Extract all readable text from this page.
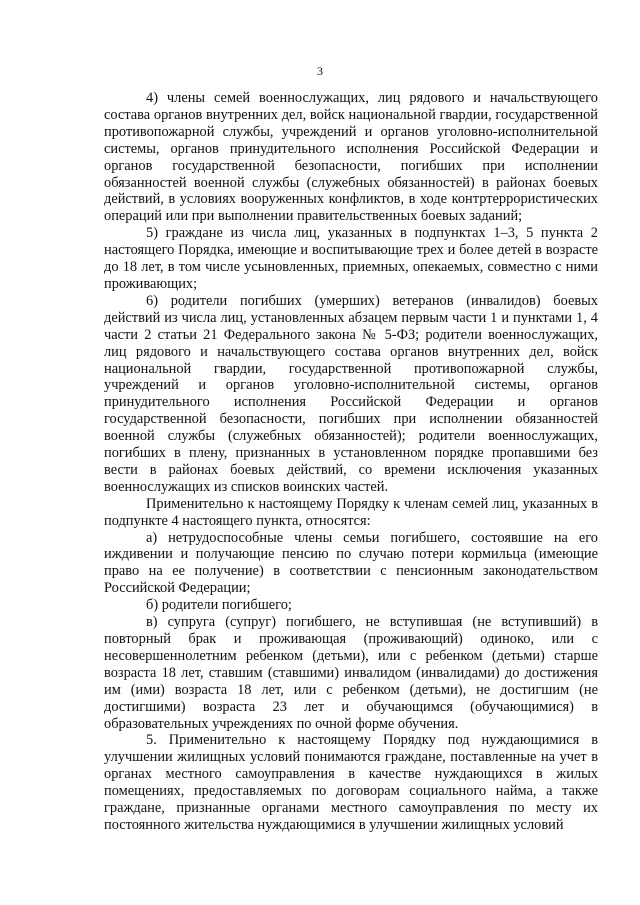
3

4) члены семей военнослужащих, лиц рядового и начальствующего состава органов внутренних дел, войск национальной гвардии, государственной противопожарной службы, учреждений и органов уголовно-исполнительной системы, органов принудительного исполнения Российской Федерации и органов государственной безопасности, погибших при исполнении обязанностей военной службы (служебных обязанностей) в районах боевых действий, в условиях вооруженных конфликтов, в ходе контртеррористических операций или при выполнении правительственных боевых заданий;

5) граждане из числа лиц, указанных в подпунктах 1–3, 5 пункта 2 настоящего Порядка, имеющие и воспитывающие трех и более детей в возрасте до 18 лет, в том числе усыновленных, приемных, опекаемых, совместно с ними проживающих;

6) родители погибших (умерших) ветеранов (инвалидов) боевых действий из числа лиц, установленных абзацем первым части 1 и пунктами 1, 4 части 2 статьи 21 Федерального закона № 5-ФЗ; родители военнослужащих, лиц рядового и начальствующего состава органов внутренних дел, войск национальной гвардии, государственной противопожарной службы, учреждений и органов уголовно-исполнительной системы, органов принудительного исполнения Российской Федерации и органов государственной безопасности, погибших при исполнении обязанностей военной службы (служебных обязанностей); родители военнослужащих, погибших в плену, признанных в установленном порядке пропавшими без вести в районах боевых действий, со времени исключения указанных военнослужащих из списков воинских частей.

Применительно к настоящему Порядку к членам семей лиц, указанных в подпункте 4 настоящего пункта, относятся:

а) нетрудоспособные члены семьи погибшего, состоявшие на его иждивении и получающие пенсию по случаю потери кормильца (имеющие право на ее получение) в соответствии с пенсионным законодательством Российской Федерации;

б) родители погибшего;

в) супруга (супруг) погибшего, не вступившая (не вступивший) в повторный брак и проживающая (проживающий) одиноко, или с несовершеннолетним ребенком (детьми), или с ребенком (детьми) старше возраста 18 лет, ставшим (ставшими) инвалидом (инвалидами) до достижения им (ими) возраста 18 лет, или с ребенком (детьми), не достигшим (не достигшими) возраста 23 лет и обучающимся (обучающимися) в образовательных учреждениях по очной форме обучения.

5. Применительно к настоящему Порядку под нуждающимися в улучшении жилищных условий понимаются граждане, поставленные на учет в органах местного самоуправления в качестве нуждающихся в жилых помещениях, предоставляемых по договорам социального найма, а также граждане, признанные органами местного самоуправления по месту их постоянного жительства нуждающимися в улучшении жилищных условий
